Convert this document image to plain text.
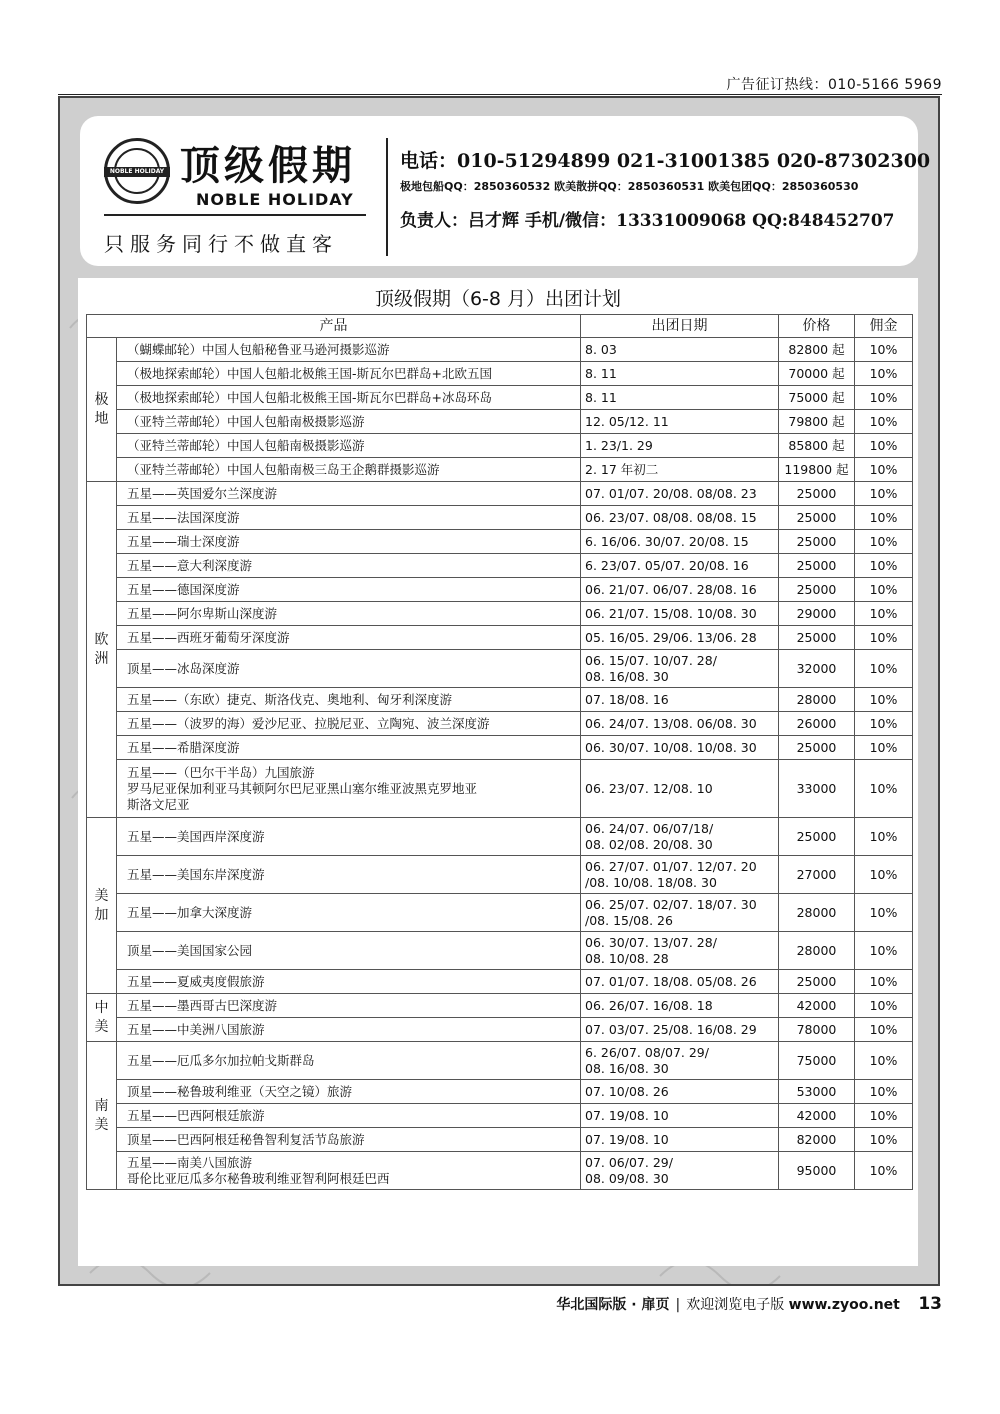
广告征订热线：010-5166 5969
NOBLE HOLIDAY 顶级假期
NOBLE HOLIDAY
只服务同行不做直客
电话：010-51294899 021-31001385 020-87302300
极地包船QQ：2850360532 欧美散拼QQ：2850360531 欧美包团QQ：2850360530
负责人：吕才辉 手机/微信：13331009068 QQ:848452707
顶级假期（6-8 月）出团计划
产品		出团日期	价格	佣金
极
地	（蝴蝶邮轮）中国人包船秘鲁亚马逊河摄影巡游	8. 03	82800 起	10%
	（极地探索邮轮）中国人包船北极熊王国-斯瓦尔巴群岛+北欧五国	8. 11	70000 起	10%
	（极地探索邮轮）中国人包船北极熊王国-斯瓦尔巴群岛+冰岛环岛	8. 11	75000 起	10%
	（亚特兰蒂邮轮）中国人包船南极摄影巡游	12. 05/12. 11	79800 起	10%
	（亚特兰蒂邮轮）中国人包船南极摄影巡游	1. 23/1. 29	85800 起	10%
	（亚特兰蒂邮轮）中国人包船南极三岛王企鹅群摄影巡游	2. 17 年初二	119800 起	10%
欧
洲	五星——英国爱尔兰深度游	07. 01/07. 20/08. 08/08. 23	25000	10%
	五星——法国深度游	06. 23/07. 08/08. 08/08. 15	25000	10%
	五星——瑞士深度游	6. 16/06. 30/07. 20/08. 15	25000	10%
	五星——意大利深度游	6. 23/07. 05/07. 20/08. 16	25000	10%
	五星——德国深度游	06. 21/07. 06/07. 28/08. 16	25000	10%
	五星——阿尔卑斯山深度游	06. 21/07. 15/08. 10/08. 30	29000	10%
	五星——西班牙葡萄牙深度游	05. 16/05. 29/06. 13/06. 28	25000	10%
	顶星——冰岛深度游	06. 15/07. 10/07. 28/
08. 16/08. 30	32000	10%
	五星——（东欧）捷克、斯洛伐克、奥地利、匈牙利深度游	07. 18/08. 16	28000	10%
	五星——（波罗的海）爱沙尼亚、拉脱尼亚、立陶宛、波兰深度游	06. 24/07. 13/08. 06/08. 30	26000	10%
	五星——希腊深度游	06. 30/07. 10/08. 10/08. 30	25000	10%
	五星——（巴尔干半岛）九国旅游
罗马尼亚保加利亚马其顿阿尔巴尼亚黑山塞尔维亚波黑克罗地亚
斯洛文尼亚	06. 23/07. 12/08. 10	33000	10%
美
加	五星——美国西岸深度游	06. 24/07. 06/07/18/
08. 02/08. 20/08. 30	25000	10%
	五星——美国东岸深度游	06. 27/07. 01/07. 12/07. 20
/08. 10/08. 18/08. 30	27000	10%
	五星——加拿大深度游	06. 25/07. 02/07. 18/07. 30
/08. 15/08. 26	28000	10%
	顶星——美国国家公园	06. 30/07. 13/07. 28/
08. 10/08. 28	28000	10%
	五星——夏威夷度假旅游	07. 01/07. 18/08. 05/08. 26	25000	10%
中
美	五星——墨西哥古巴深度游	06. 26/07. 16/08. 18	42000	10%
	五星——中美洲八国旅游	07. 03/07. 25/08. 16/08. 29	78000	10%
南
美	五星——厄瓜多尔加拉帕戈斯群岛	6. 26/07. 08/07. 29/
08. 16/08. 30	75000	10%
	顶星——秘鲁玻利维亚（天空之镜）旅游	07. 10/08. 26	53000	10%
	五星——巴西阿根廷旅游	07. 19/08. 10	42000	10%
	顶星——巴西阿根廷秘鲁智利复活节岛旅游	07. 19/08. 10	82000	10%
	五星——南美八国旅游
哥伦比亚厄瓜多尔秘鲁玻利维亚智利阿根廷巴西	07. 06/07. 29/
08. 09/08. 30	95000	10%
华北国际版 · 扉页 | 欢迎浏览电子版 www.zyoo.net 13
